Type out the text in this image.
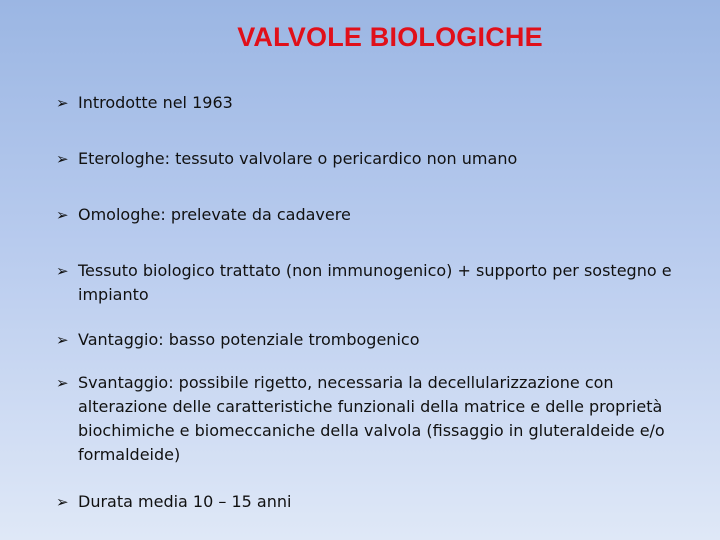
VALVOLE BIOLOGICHE
➢ Introdotte nel 1963
➢ Eterologhe: tessuto valvolare o pericardico non umano
➢ Omologhe: prelevate da cadavere
➢ Tessuto biologico trattato (non immunogenico) + supporto per sostegno e impianto
➢ Vantaggio: basso potenziale trombogenico
➢ Svantaggio: possibile rigetto, necessaria la decellularizzazione con alterazione delle caratteristiche funzionali della matrice e delle proprietà biochimiche e biomeccaniche della valvola (fissaggio in gluteraldeide e/o formaldeide)
➢ Durata media 10 – 15 anni
